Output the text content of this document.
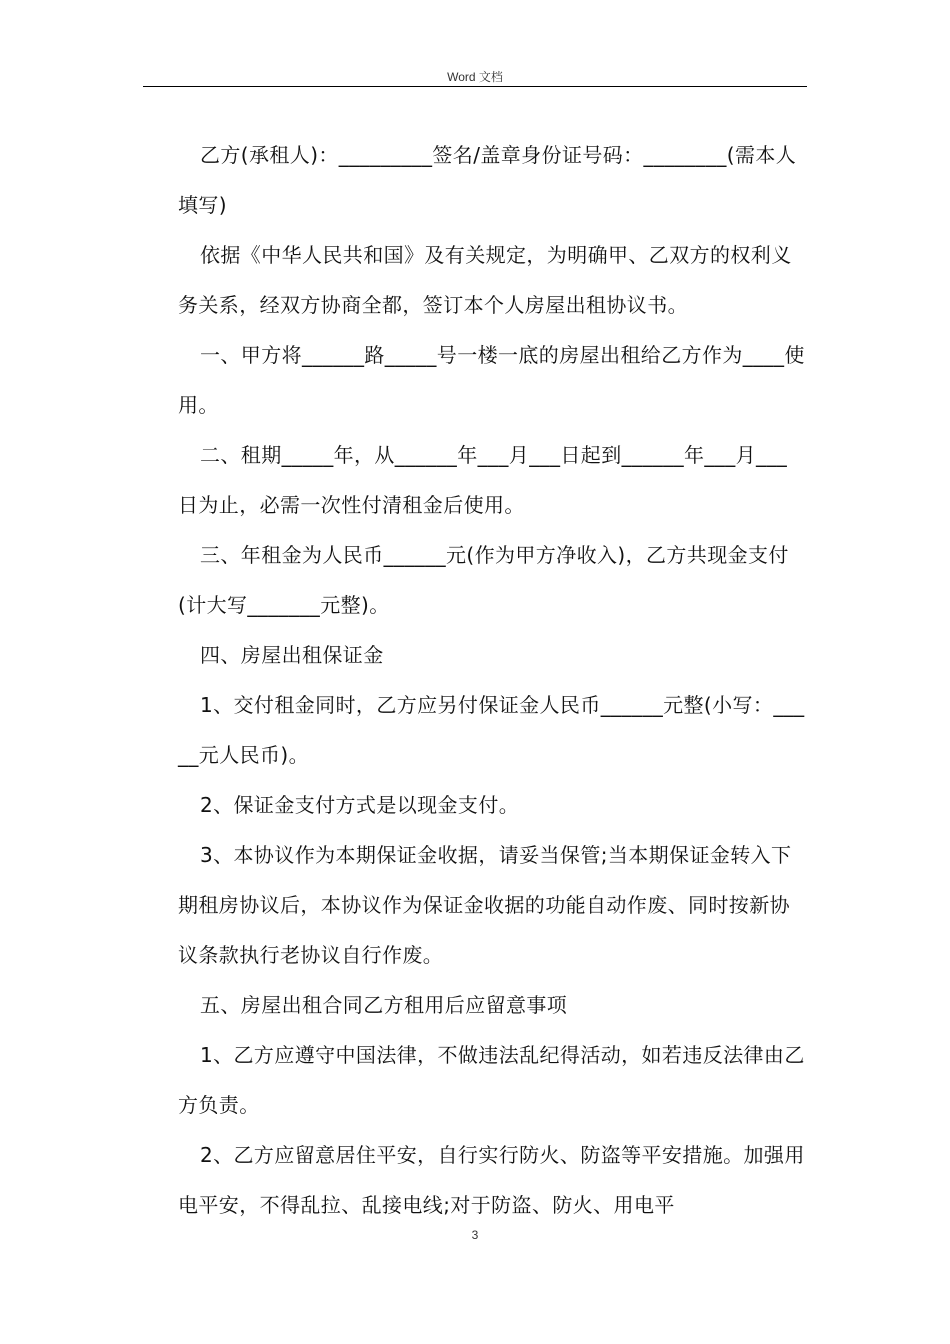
Word 文档

乙方(承租人)：_________签名/盖章身份证号码：________(需本人填写)

依据《中华人民共和国》及有关规定，为明确甲、乙双方的权利义务关系，经双方协商全都，签订本个人房屋出租协议书。

一、甲方将______路_____号一楼一底的房屋出租给乙方作为____使用。

二、租期_____年，从______年___月___日起到______年___月___日为止，必需一次性付清租金后使用。

三、年租金为人民币______元(作为甲方净收入)，乙方共现金支付(计大写_______元整)。

四、房屋出租保证金

1、交付租金同时，乙方应另付保证金人民币______元整(小写：_____元人民币)。

2、保证金支付方式是以现金支付。

3、本协议作为本期保证金收据，请妥当保管;当本期保证金转入下期租房协议后，本协议作为保证金收据的功能自动作废、同时按新协议条款执行老协议自行作废。

五、房屋出租合同乙方租用后应留意事项

1、乙方应遵守中国法律，不做违法乱纪得活动，如若违反法律由乙方负责。

2、乙方应留意居住平安，自行实行防火、防盗等平安措施。加强用电平安，不得乱拉、乱接电线;对于防盗、防火、用电平

3
